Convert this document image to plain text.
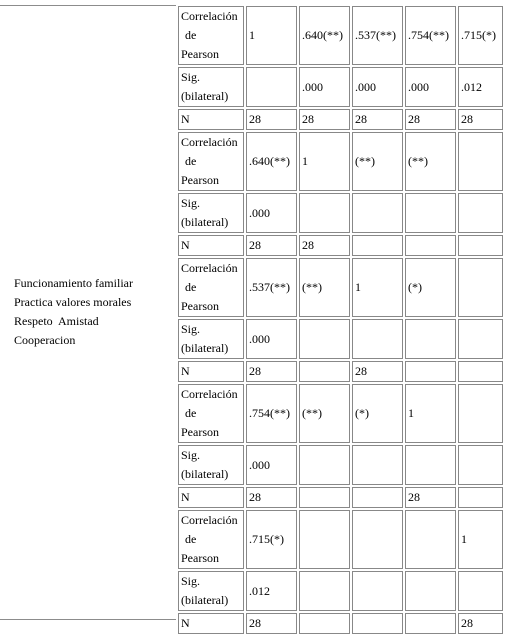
Funcionamiento familiar
Practica valores morales
Respeto  Amistad
Cooperacion
Correlación
de
Pearson	1	.640(**)	.537(**)	.754(**)	.715(*)

Sig.
(bilateral)		.000	.000	.000	.012
N	28	28	28	28	28

Correlación
de
Pearson	.640(**)	1	(**)	(**)	

Sig.
(bilateral)	.000				
N	28	28			

Correlación
de
Pearson	.537(**)	(**)	1	(*)	

Sig.
(bilateral)	.000				
N	28		28		

Correlación
de
Pearson	.754(**)	(**)	(*)	1	

Sig.
(bilateral)	.000				
N	28			28	

Correlación
de
Pearson	.715(*)				1

Sig.
(bilateral)	.012				
N	28				28
